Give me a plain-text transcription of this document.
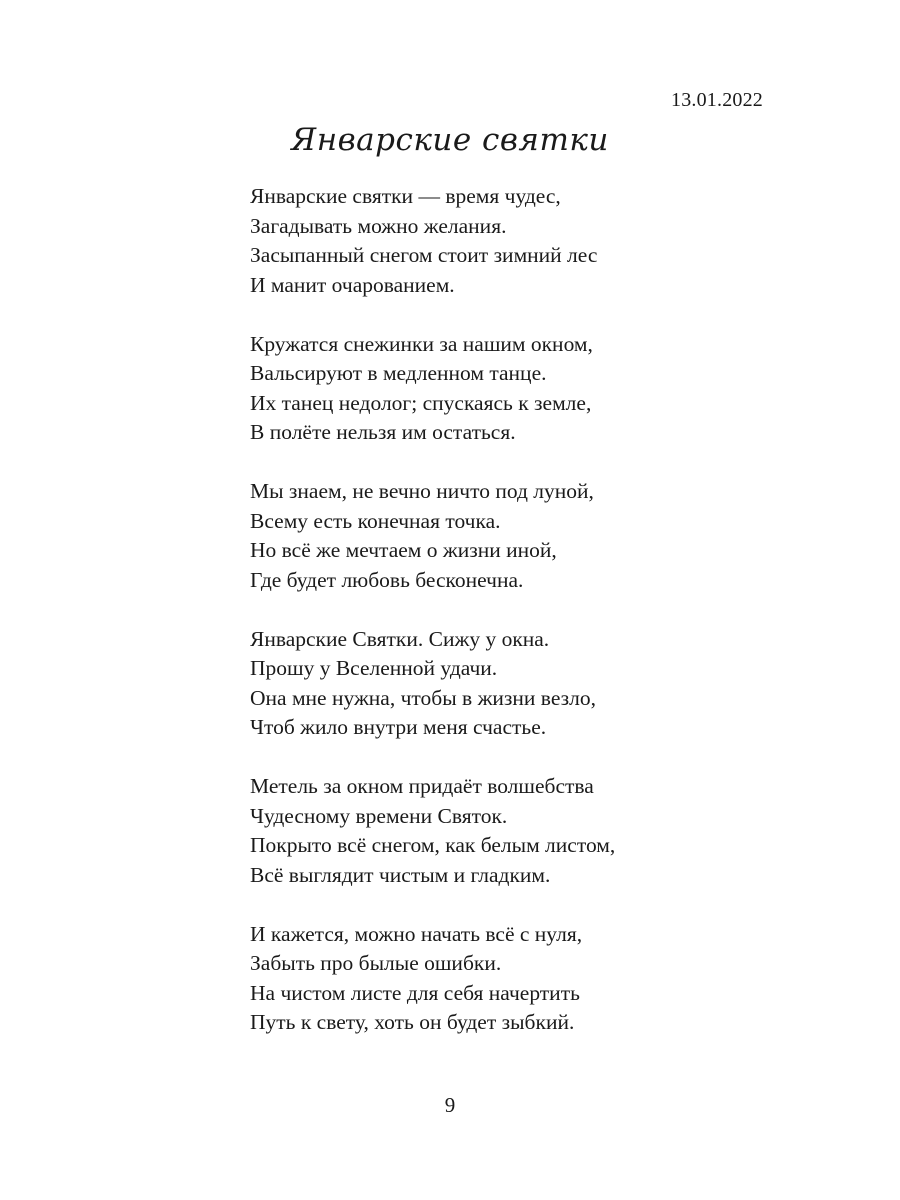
13.01.2022
Январские святки
Январские святки — время чудес,
Загадывать можно желания.
Засыпанный снегом стоит зимний лес
И манит очарованием.
Кружатся снежинки за нашим окном,
Вальсируют в медленном танце.
Их танец недолог; спускаясь к земле,
В полёте нельзя им остаться.
Мы знаем, не вечно ничто под луной,
Всему есть конечная точка.
Но всё же мечтаем о жизни иной,
Где будет любовь бесконечна.
Январские Святки. Сижу у окна.
Прошу у Вселенной удачи.
Она мне нужна, чтобы в жизни везло,
Чтоб жило внутри меня счастье.
Метель за окном придаёт волшебства
Чудесному времени Святок.
Покрыто всё снегом, как белым листом,
Всё выглядит чистым и гладким.
И кажется, можно начать всё с нуля,
Забыть про былые ошибки.
На чистом листе для себя начертить
Путь к свету, хоть он будет зыбкий.
9
